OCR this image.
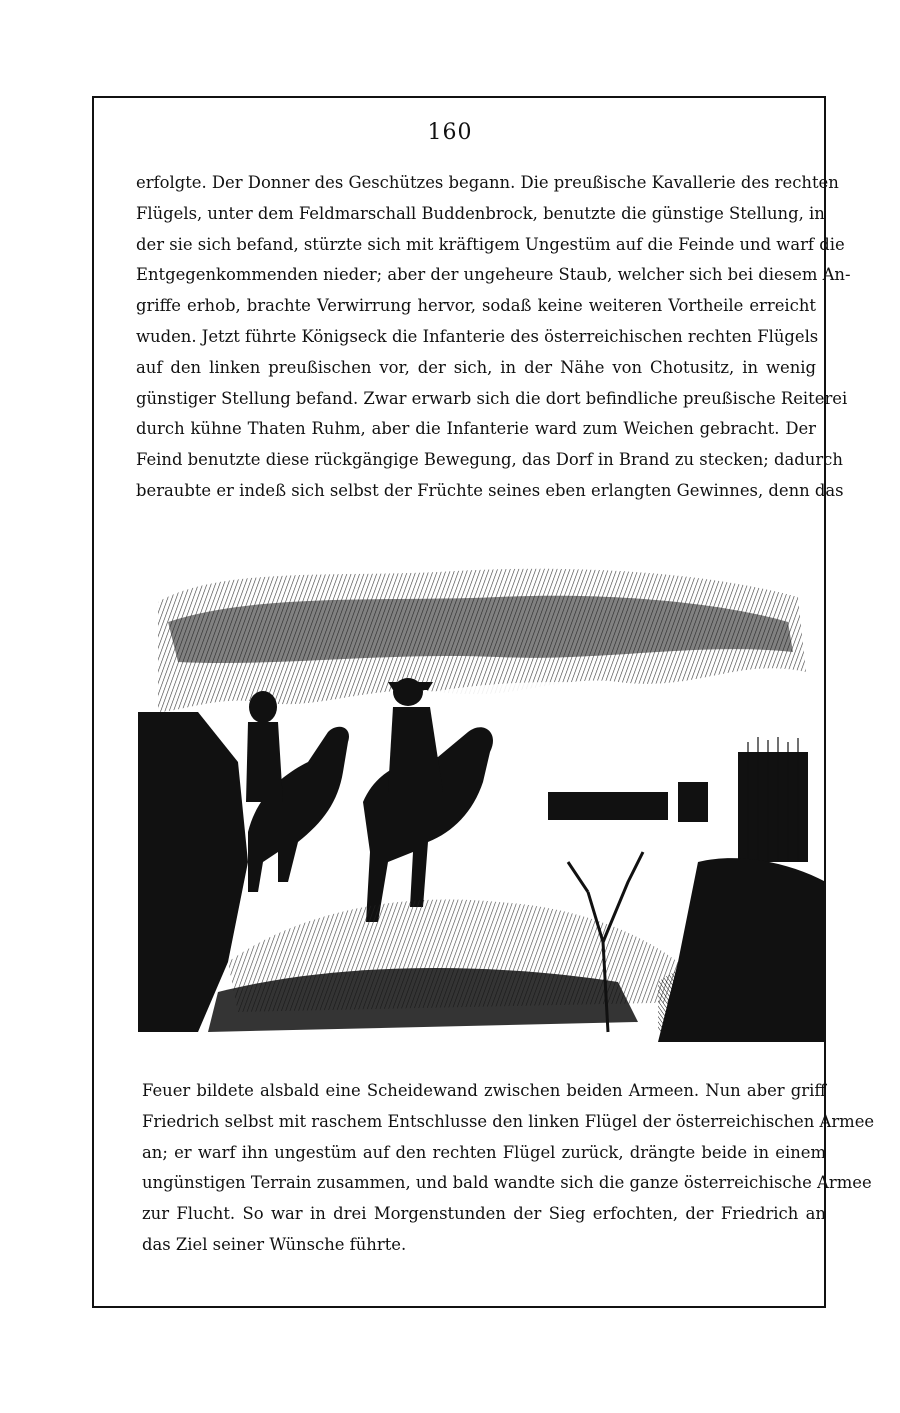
160
erfolgte. Der Donner des Geschützes begann. Die preußische Kavallerie des rechten
Flügels, unter dem Feldmarschall Buddenbrock, benutzte die günstige Stellung, in
der sie sich befand, stürzte sich mit kräftigem Ungestüm auf die Feinde und warf die
Entgegenkommenden nieder; aber der ungeheure Staub, welcher sich bei diesem An-
griffe erhob, brachte Verwirrung hervor, sodaß keine weiteren Vortheile erreicht
wuden. Jetzt führte Königseck die Infanterie des österreichischen rechten Flügels
auf den linken preußischen vor, der sich, in der Nähe von Chotusitz, in wenig
günstiger Stellung befand. Zwar erwarb sich die dort befindliche preußische Reiterei
durch kühne Thaten Ruhm, aber die Infanterie ward zum Weichen gebracht. Der
Feind benutzte diese rückgängige Bewegung, das Dorf in Brand zu stecken; dadurch
beraubte er indeß sich selbst der Früchte seines eben erlangten Gewinnes, denn das
Feuer bildete alsbald eine Scheidewand zwischen beiden Armeen. Nun aber griff
Friedrich selbst mit raschem Entschlusse den linken Flügel der österreichischen Armee
an; er warf ihn ungestüm auf den rechten Flügel zurück, drängte beide in einem
ungünstigen Terrain zusammen, und bald wandte sich die ganze österreichische Armee
zur Flucht. So war in drei Morgenstunden der Sieg erfochten, der Friedrich an
das Ziel seiner Wünsche führte.
